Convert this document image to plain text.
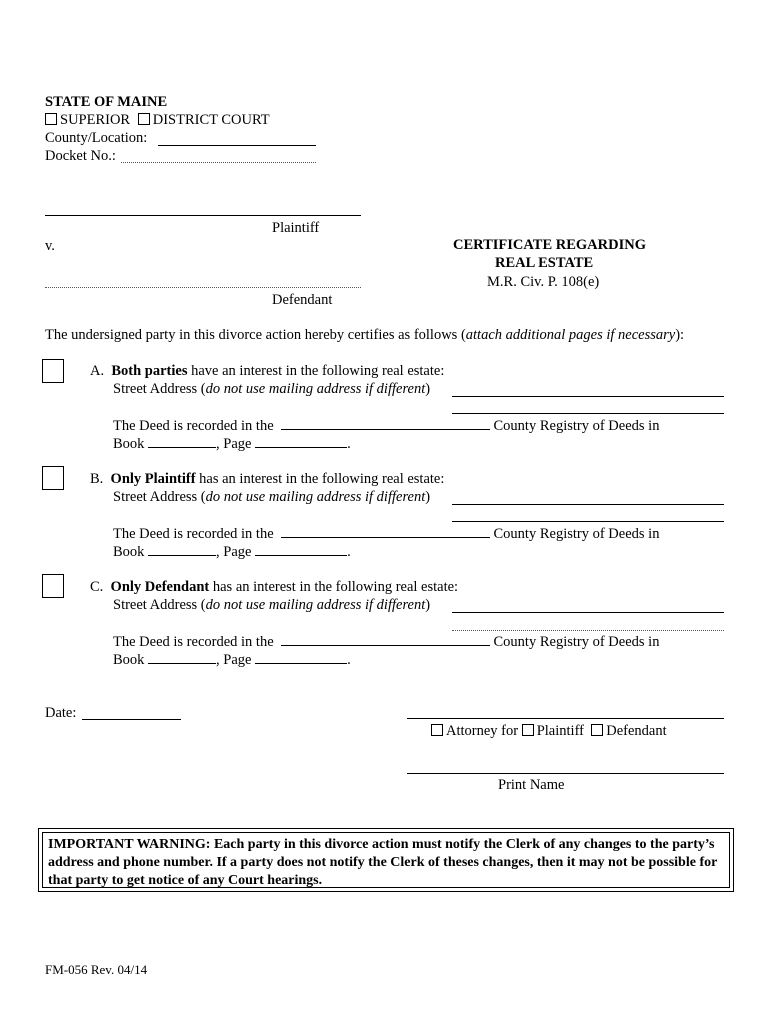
STATE OF MAINE
SUPERIOR DISTRICT COURT
County/Location:
Docket No.:
Plaintiff
v.
Defendant
CERTIFICATE REGARDING
REAL ESTATE
M.R. Civ. P. 108(e)
The undersigned party in this divorce action hereby certifies as follows (attach additional pages if necessary):
A. Both parties have an interest in the following real estate:
Street Address (do not use mailing address if different)
The Deed is recorded in the	County Registry of Deeds in
Book	, Page	.
B. Only Plaintiff has an interest in the following real estate:
Street Address (do not use mailing address if different)
The Deed is recorded in the	County Registry of Deeds in
Book	, Page	.
C. Only Defendant has an interest in the following real estate:
Street Address (do not use mailing address if different)
The Deed is recorded in the	County Registry of Deeds in
Book	, Page	.
Date:
Attorney for Plaintiff Defendant
Print Name
IMPORTANT WARNING: Each party in this divorce action must notify the Clerk of any changes to the party’s address and phone number. If a party does not notify the Clerk of theses changes, then it may not be possible for that party to get notice of any Court hearings.
FM-056 Rev. 04/14
